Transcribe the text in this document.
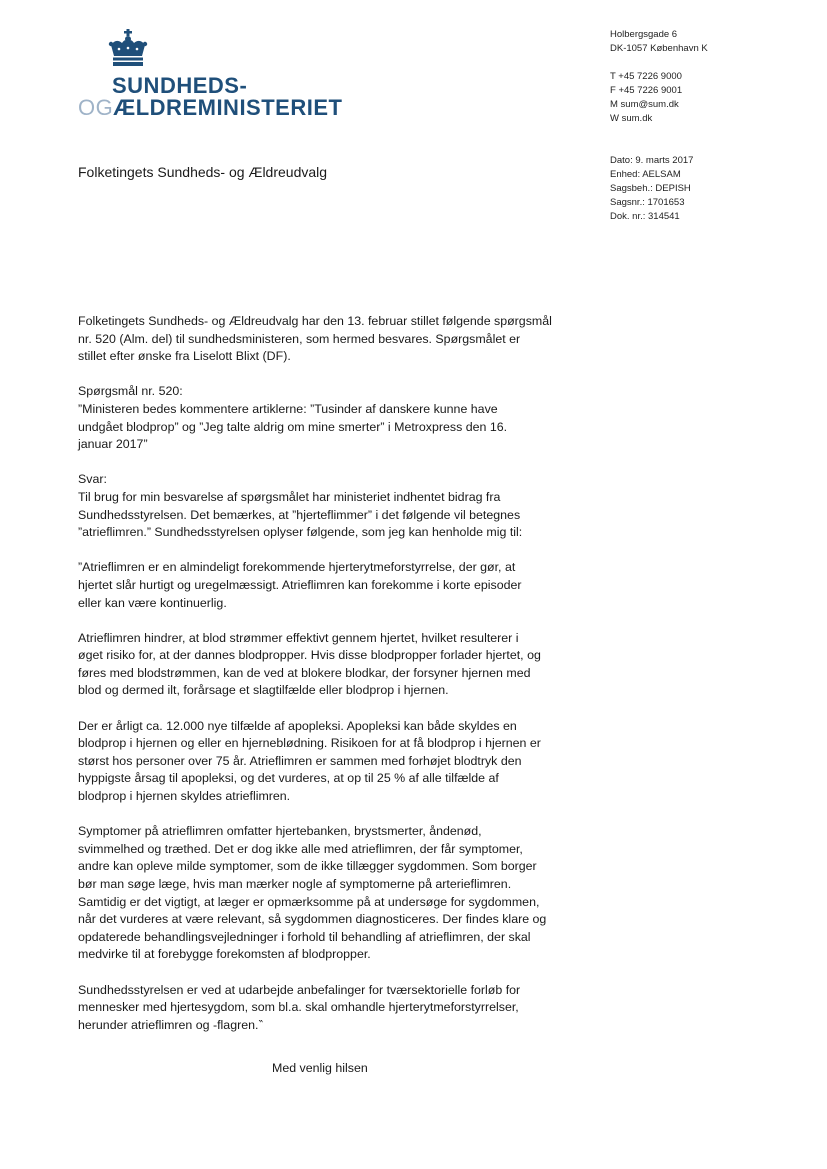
SUNDHEDS-
OGÆLDREMINISTERIET
Holbergsgade 6
DK-1057 København K
T +45 7226 9000
F +45 7226 9001
M sum@sum.dk
W sum.dk
Dato: 9. marts 2017
Enhed: AELSAM
Sagsbeh.: DEPISH
Sagsnr.: 1701653
Dok. nr.: 314541
Folketingets Sundheds- og Ældreudvalg

Folketingets Sundheds- og Ældreudvalg har den 13. februar stillet følgende spørgsmål
nr. 520 (Alm. del) til sundhedsministeren, som hermed besvares. Spørgsmålet er
stillet efter ønske fra Liselott Blixt (DF).

Spørgsmål nr. 520:
”Ministeren bedes kommentere artiklerne: ”Tusinder af danskere kunne have
undgået blodprop” og ”Jeg talte aldrig om mine smerter” i Metroxpress den 16.
januar 2017”

Svar:
Til brug for min besvarelse af spørgsmålet har ministeriet indhentet bidrag fra
Sundhedsstyrelsen. Det bemærkes, at ”hjerteflimmer” i det følgende vil betegnes
”atrieflimren.” Sundhedsstyrelsen oplyser følgende, som jeg kan henholde mig til:

”Atrieflimren er en almindeligt forekommende hjerterytmeforstyrrelse, der gør, at
hjertet slår hurtigt og uregelmæssigt. Atrieflimren kan forekomme i korte episoder
eller kan være kontinuerlig.

Atrieflimren hindrer, at blod strømmer effektivt gennem hjertet, hvilket resulterer i
øget risiko for, at der dannes blodpropper. Hvis disse blodpropper forlader hjertet, og
føres med blodstrømmen, kan de ved at blokere blodkar, der forsyner hjernen med
blod og dermed ilt, forårsage et slagtilfælde eller blodprop i hjernen.

Der er årligt ca. 12.000 nye tilfælde af apopleksi. Apopleksi kan både skyldes en
blodprop i hjernen og eller en hjerneblødning. Risikoen for at få blodprop i hjernen er
størst hos personer over 75 år. Atrieflimren er sammen med forhøjet blodtryk den
hyppigste årsag til apopleksi, og det vurderes, at op til 25 % af alle tilfælde af
blodprop i hjernen skyldes atrieflimren.

Symptomer på atrieflimren omfatter hjertebanken, brystsmerter, åndenød,
svimmelhed og træthed. Det er dog ikke alle med atrieflimren, der får symptomer,
andre kan opleve milde symptomer, som de ikke tillægger sygdommen. Som borger
bør man søge læge, hvis man mærker nogle af symptomerne på arterieflimren.
Samtidig er det vigtigt, at læger er opmærksomme på at undersøge for sygdommen,
når det vurderes at være relevant, så sygdommen diagnosticeres. Der findes klare og
opdaterede behandlingsvejledninger i forhold til behandling af atrieflimren, der skal
medvirke til at forebygge forekomsten af blodpropper.

Sundhedsstyrelsen er ved at udarbejde anbefalinger for tværsektorielle forløb for
mennesker med hjertesygdom, som bl.a. skal omhandle hjerterytmeforstyrrelser,
herunder atrieflimren og -flagren.‶

Med venlig hilsen
